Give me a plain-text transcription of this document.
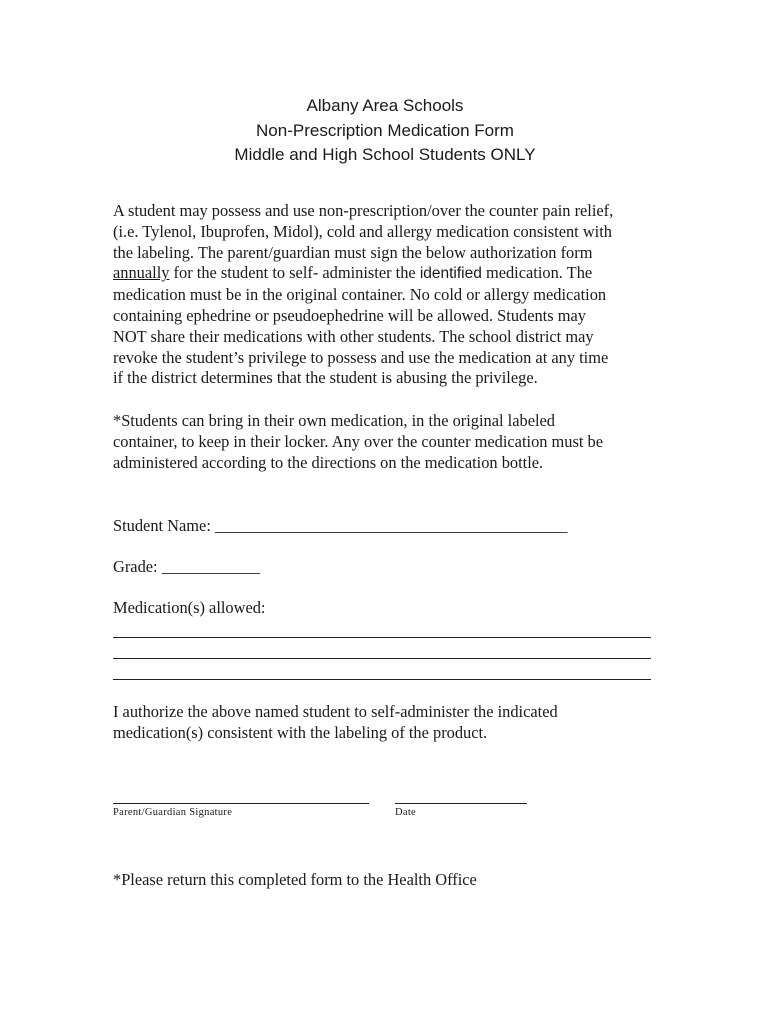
Albany Area Schools
Non-Prescription Medication Form
Middle and High School Students ONLY
A student may possess and use non-prescription/over the counter pain relief,
(i.e. Tylenol, Ibuprofen, Midol), cold and allergy medication consistent with
the labeling. The parent/guardian must sign the below authorization form
annually for the student to self- administer the identified medication. The
medication must be in the original container. No cold or allergy medication
containing ephedrine or pseudoephedrine will be allowed. Students may
NOT share their medications with other students. The school district may
revoke the student’s privilege to possess and use the medication at any time
if the district determines that the student is abusing the privilege.
*Students can bring in their own medication, in the original labeled
container, to keep in their locker. Any over the counter medication must be
administered according to the directions on the medication bottle.
Student Name: ___________________________________________
Grade: ____________
Medication(s) allowed:
I authorize the above named student to self-administer the indicated
medication(s) consistent with the labeling of the product.
Parent/Guardian Signature	Date
*Please return this completed form to the Health Office
